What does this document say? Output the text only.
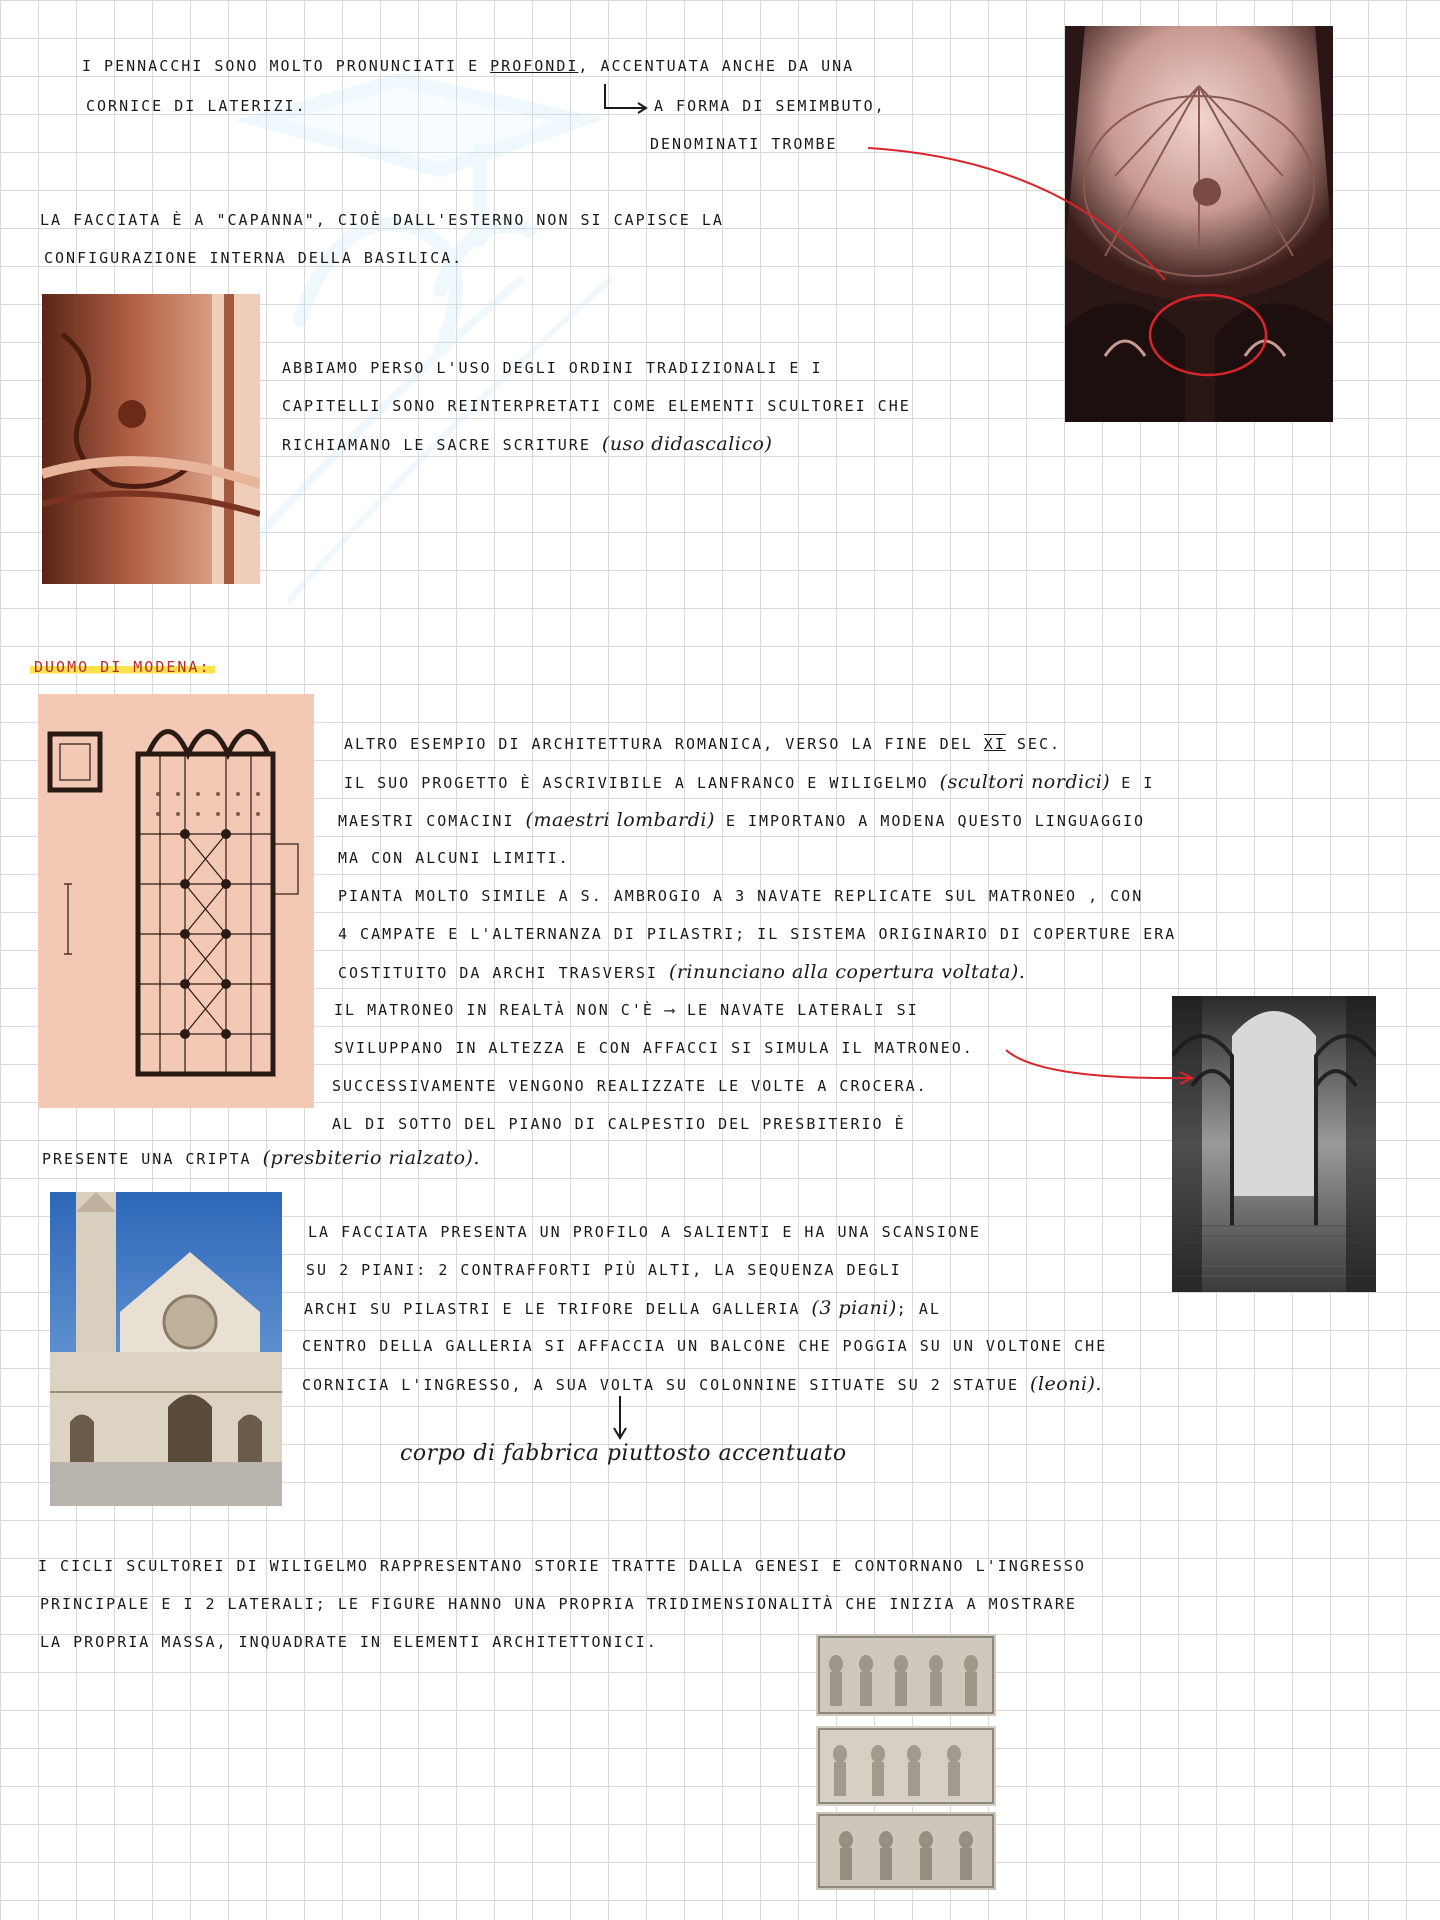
I PENNACCHI SONO MOLTO PRONUNCIATI E PROFONDI, ACCENTUATA ANCHE DA UNA
CORNICE DI LATERIZI.	A FORMA DI SEMIMBUTO,
DENOMINATI TROMBE
LA FACCIATA È A "CAPANNA", CIOÈ DALL'ESTERNO NON SI CAPISCE LA
CONFIGURAZIONE INTERNA DELLA BASILICA.
ABBIAMO PERSO L'USO DEGLI ORDINI TRADIZIONALI E I
CAPITELLI SONO REINTERPRETATI COME ELEMENTI SCULTOREI CHE
RICHIAMANO LE SACRE SCRITURE (uso didascalico)
DUOMO DI MODENA:
ALTRO ESEMPIO DI ARCHITETTURA ROMANICA, VERSO LA FINE DEL XI SEC.
IL SUO PROGETTO È ASCRIVIBILE A LANFRANCO E WILIGELMO (scultori nordici) E I
MAESTRI COMACINI (maestri lombardi) E IMPORTANO A MODENA QUESTO LINGUAGGIO
MA CON ALCUNI LIMITI.
PIANTA MOLTO SIMILE A S. AMBROGIO A 3 NAVATE REPLICATE SUL MATRONEO , CON
4 CAMPATE E L'ALTERNANZA DI PILASTRI; IL SISTEMA ORIGINARIO DI COPERTURE ERA
COSTITUITO DA ARCHI TRASVERSI (rinunciano alla copertura voltata).
IL MATRONEO IN REALTÀ NON C'È ⟶ LE NAVATE LATERALI SI
SVILUPPANO IN ALTEZZA E CON AFFACCI SI SIMULA IL MATRONEO.
SUCCESSIVAMENTE VENGONO REALIZZATE LE VOLTE A CROCERA.
AL DI SOTTO DEL PIANO DI CALPESTIO DEL PRESBITERIO È
PRESENTE UNA CRIPTA (presbiterio rialzato).
LA FACCIATA PRESENTA UN PROFILO A SALIENTI E HA UNA SCANSIONE
SU 2 PIANI: 2 CONTRAFFORTI PIÙ ALTI, LA SEQUENZA DEGLI
ARCHI SU PILASTRI E LE TRIFORE DELLA GALLERIA (3 piani); AL
CENTRO DELLA GALLERIA SI AFFACCIA UN BALCONE CHE POGGIA SU UN VOLTONE CHE
CORNICIA L'INGRESSO, A SUA VOLTA SU COLONNINE SITUATE SU 2 STATUE (leoni).
corpo di fabbrica piuttosto accentuato
I CICLI SCULTOREI DI WILIGELMO RAPPRESENTANO STORIE TRATTE DALLA GENESI E CONTORNANO L'INGRESSO
PRINCIPALE E I 2 LATERALI; LE FIGURE HANNO UNA PROPRIA TRIDIMENSIONALITÀ CHE INIZIA A MOSTRARE
LA PROPRIA MASSA, INQUADRATE IN ELEMENTI ARCHITETTONICI.
